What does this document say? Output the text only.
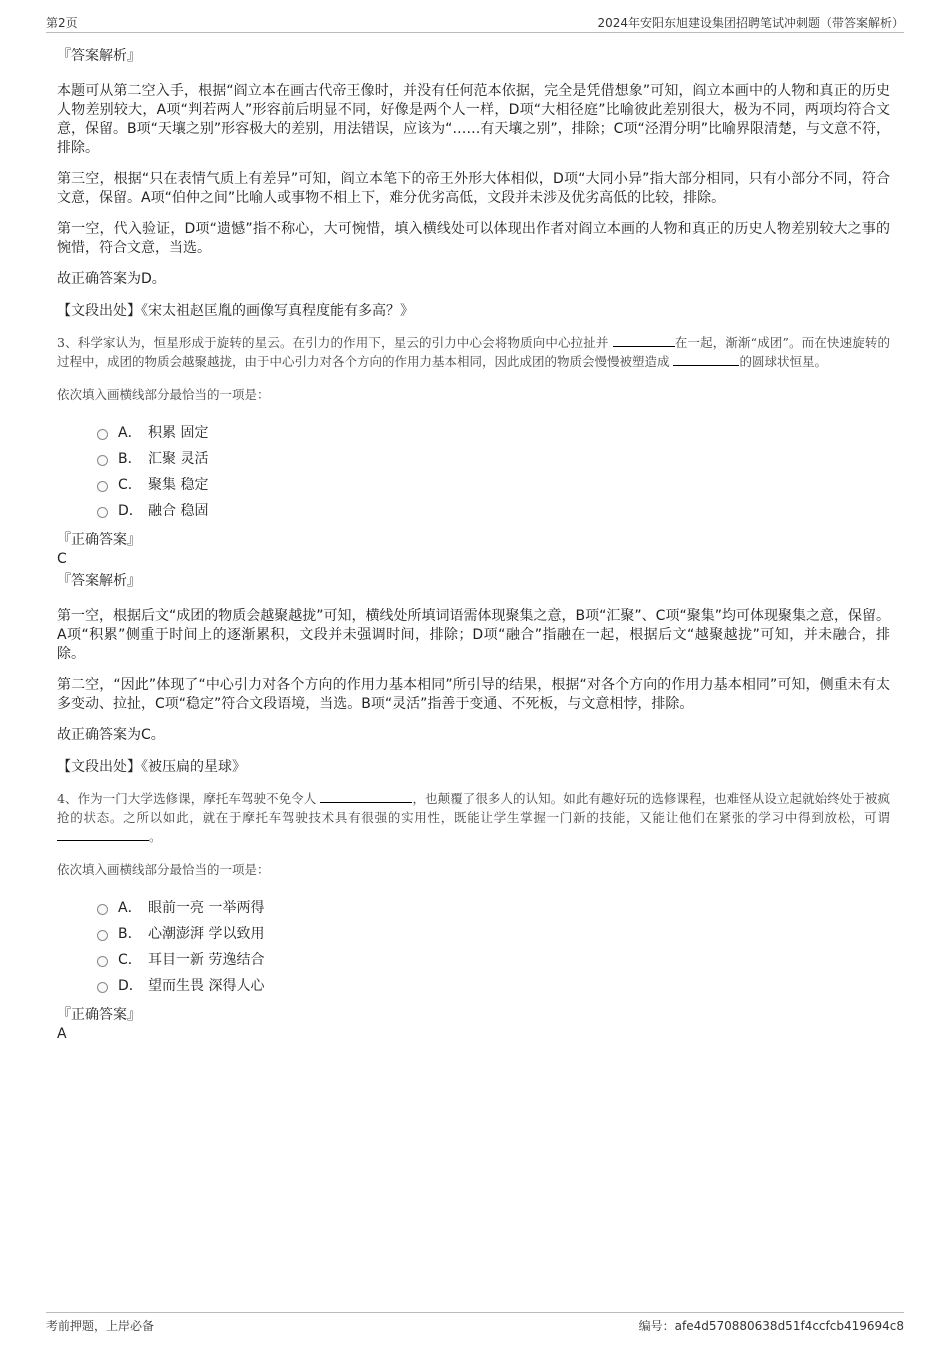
第2页	2024年安阳东旭建设集团招聘笔试冲刺题（带答案解析）
『答案解析』

本题可从第二空入手，根据“阎立本在画古代帝王像时，并没有任何范本依据，完全是凭借想象”可知，阎立本画中的人物和真正的历史人物差别较大，A项“判若两人”形容前后明显不同，好像是两个人一样，D项“大相径庭”比喻彼此差别很大，极为不同，两项均符合文意，保留。B项“天壤之别”形容极大的差别，用法错误，应该为“……有天壤之别”，排除；C项“泾渭分明”比喻界限清楚，与文意不符，排除。

第三空，根据“只在表情气质上有差异”可知，阎立本笔下的帝王外形大体相似，D项“大同小异”指大部分相同，只有小部分不同，符合文意，保留。A项“伯仲之间”比喻人或事物不相上下，难分优劣高低，文段并未涉及优劣高低的比较，排除。

第一空，代入验证，D项“遗憾”指不称心，大可惋惜，填入横线处可以体现出作者对阎立本画的人物和真正的历史人物差别较大之事的惋惜，符合文意，当选。

故正确答案为D。

【文段出处】《宋太祖赵匡胤的画像写真程度能有多高？》

3、科学家认为，恒星形成于旋转的星云。在引力的作用下，星云的引力中心会将物质向中心拉扯并	在一起，渐渐“成团”。而在快速旋转的过程中，成团的物质会越聚越拢，由于中心引力对各个方向的作用力基本相同，因此成团的物质会慢慢被塑造成	的圆球状恒星。

依次填入画横线部分最恰当的一项是：

A． 积累 固定
B． 汇聚 灵活
C． 聚集 稳定
D． 融合 稳固

『正确答案』

C

『答案解析』

第一空，根据后文“成团的物质会越聚越拢”可知，横线处所填词语需体现聚集之意，B项“汇聚”、C项“聚集”均可体现聚集之意，保留。A项“积累”侧重于时间上的逐渐累积，文段并未强调时间，排除；D项“融合”指融在一起，根据后文“越聚越拢”可知，并未融合，排除。

第二空，“因此”体现了“中心引力对各个方向的作用力基本相同”所引导的结果，根据“对各个方向的作用力基本相同”可知，侧重未有太多变动、拉扯，C项“稳定”符合文段语境，当选。B项“灵活”指善于变通、不死板，与文意相悖，排除。

故正确答案为C。

【文段出处】《被压扁的星球》

4、作为一门大学选修课，摩托车驾驶不免令人	，也颠覆了很多人的认知。如此有趣好玩的选修课程，也难怪从设立起就始终处于被疯抢的状态。之所以如此，就在于摩托车驾驶技术具有很强的实用性，既能让学生掌握一门新的技能，又能让他们在紧张的学习中得到放松，可谓 。

依次填入画横线部分最恰当的一项是：

A． 眼前一亮 一举两得
B． 心潮澎湃 学以致用
C． 耳目一新 劳逸结合
D． 望而生畏 深得人心

『正确答案』

A

考前押题，上岸必备	编号：afe4d570880638d51f4ccfcb419694c8
